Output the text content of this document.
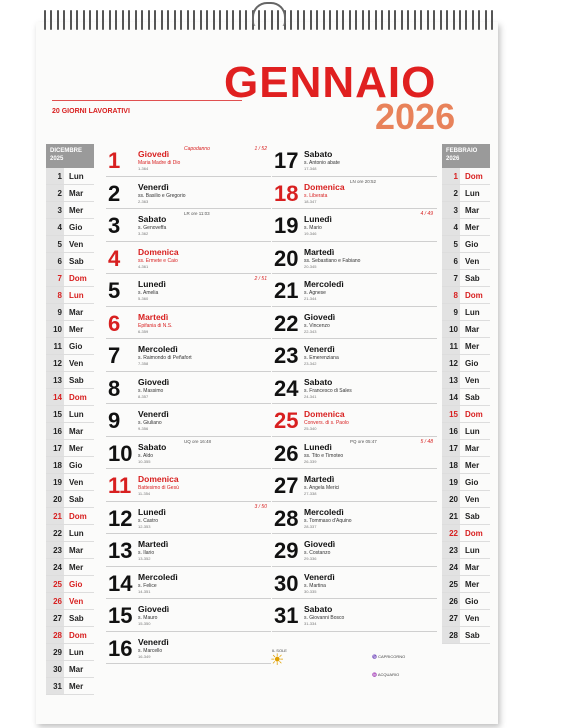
20 GIORNI LAVORATIVI
GENNAIO
2026
DICEMBRE
2025
1 Lun
2 Mar
3 Mer
4 Gio
5 Ven
6 Sab
7 Dom
8 Lun
9 Mar
10 Mer
11 Gio
12 Ven
13 Sab
14 Dom
15 Lun
16 Mar
17 Mer
18 Gio
19 Ven
20 Sab
21 Dom
22 Lun
23 Mar
24 Mer
25 Gio
26 Ven
27 Sab
28 Dom
29 Lun
30 Mar
31 Mer
FEBBRAIO
2026
1 Dom
2 Lun
3 Mar
4 Mer
5 Gio
6 Ven
7 Sab
8 Dom
9 Lun
10 Mar
11 Mer
12 Gio
13 Ven
14 Sab
15 Dom
16 Lun
17 Mar
18 Mer
19 Gio
20 Ven
21 Sab
22 Dom
23 Lun
24 Mar
25 Mer
26 Gio
27 Ven
28 Sab
1 Giovedì
Maria Madre di Dio
1-364
1 / 52
Capodanno
2 Venerdì
ss. Basilio e Gregorio
2-363
3 Sabato
s. Genoveffa
3-362
LR ore 11:03
4 Domenica
ss. Ermete e Caio
4-361
5 Lunedì
s. Amelia
5-360
2 / 51
6 Martedì
Epifania di N.S.
6-359
7 Mercoledì
s. Raimondo di Peñafort
7-358
8 Giovedì
s. Massimo
8-357
9 Venerdì
s. Giuliano
9-356
10 Sabato
s. Aldo
10-355
UQ ore 16:48
11 Domenica
Battesimo di Gesù
11-354
12 Lunedì
s. Castro
12-353
3 / 50
13 Martedì
s. Ilario
13-352
14 Mercoledì
s. Felice
14-351
15 Giovedì
s. Mauro
15-350
16 Venerdì
s. Marcello
16-349
17 Sabato
s. Antonio abate
17-348
18 Domenica
s. Liberata
18-347
LN ore 20:52
19 Lunedì
s. Mario
19-346
4 / 49
20 Martedì
ss. Sebastiano e Fabiano
20-345
21 Mercoledì
s. Agnese
21-344
22 Giovedì
s. Vincenzo
22-343
23 Venerdì
s. Emerenziana
23-342
24 Sabato
s. Francesco di Sales
24-341
25 Domenica
Convers. di s. Paolo
25-340
26 Lunedì
ss. Tito e Timoteo
26-339
5 / 48
PQ ore 05:47
27 Martedì
s. Angela Merici
27-338
28 Mercoledì
s. Tommaso d'Aquino
28-337
29 Giovedì
s. Costanzo
29-336
30 Venerdì
s. Martina
30-335
31 Sabato
s. Giovanni Bosco
31-334
☀
IL SOLE
♑ CAPRICORNO
♒ ACQUARIO
